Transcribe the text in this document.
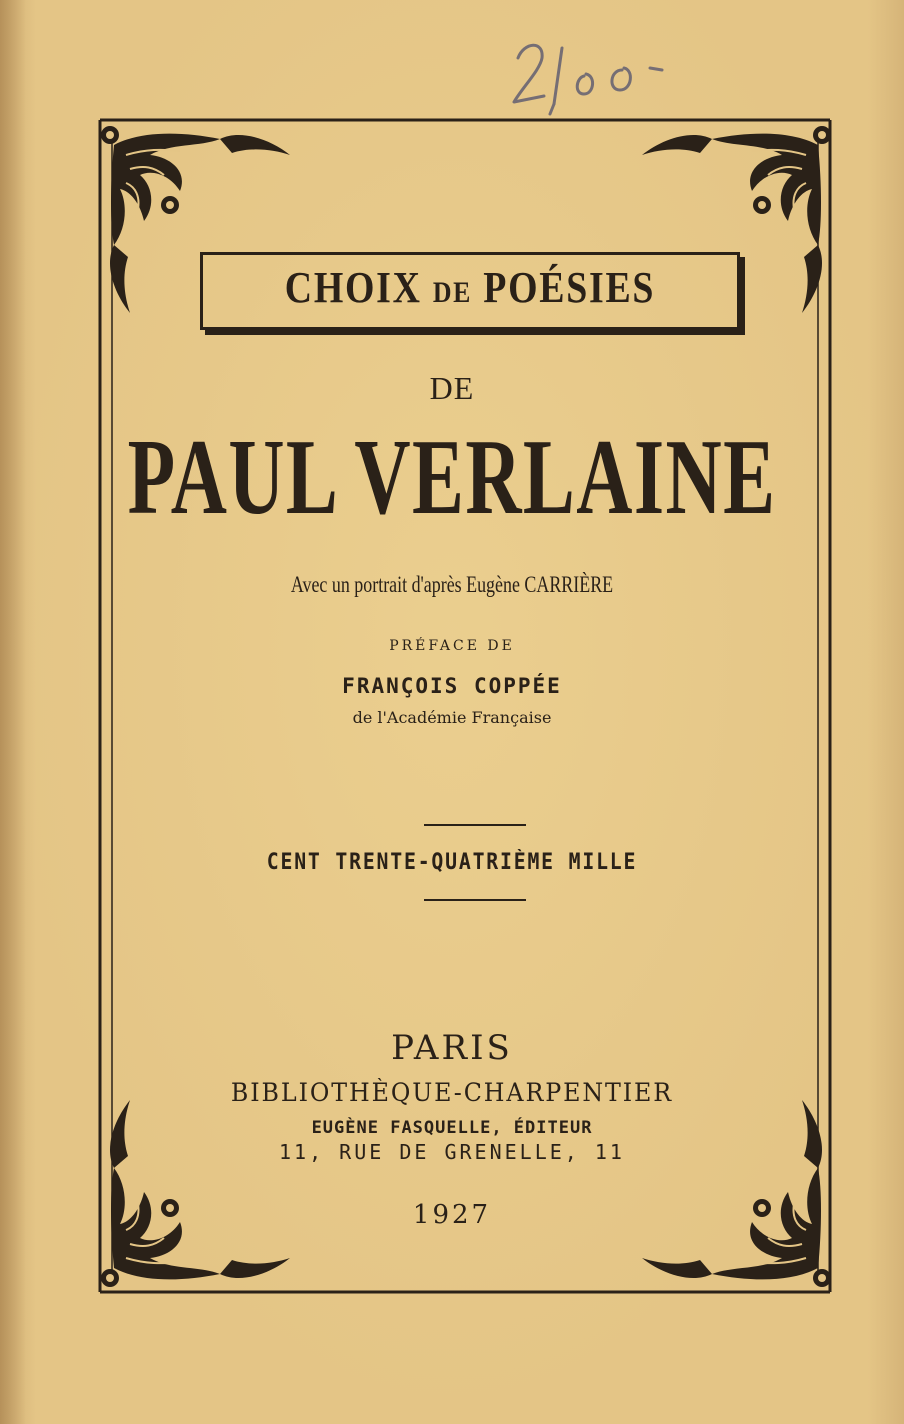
CHOIX DE POÉSIES
DE
PAUL VERLAINE
Avec un portrait d'après Eugène CARRIÈRE
PRÉFACE DE
FRANÇOIS COPPÉE
de l'Académie Française
CENT TRENTE-QUATRIÈME MILLE
PARIS
BIBLIOTHÈQUE-CHARPENTIER
EUGÈNE FASQUELLE, ÉDITEUR
11, RUE DE GRENELLE, 11
1927
